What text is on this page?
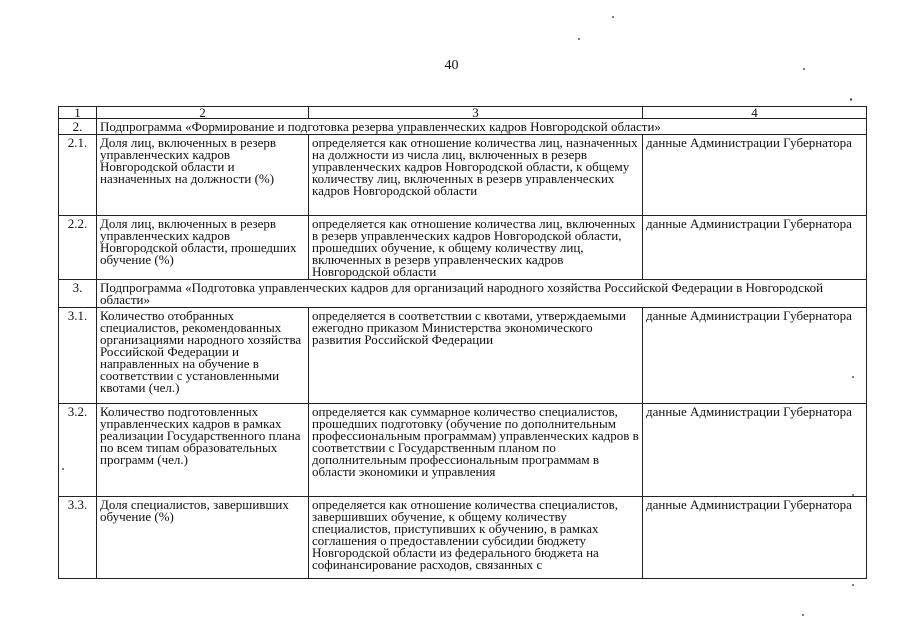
40
1	2	3	4
2.	Подпрограмма «Формирование и подготовка резерва управленческих кадров Новгородской области»		
2.1.	Доля лиц, включенных в резерв управленческих кадров Новгородской области и назначенных на должности (%)	определяется как отношение количества лиц, назначенных на должности из числа лиц, включенных в резерв управленческих кадров Новгородской области, к общему количеству лиц, включенных в резерв управленческих кадров Новгородской области	данные Администрации Губернатора
2.2.	Доля лиц, включенных в резерв управленческих кадров Новгородской области, прошедших обучение (%)	определяется как отношение количества лиц, включенных в резерв управленческих кадров Новгородской области, прошедших обучение, к общему количеству лиц, включенных в резерв управленческих кадров Новгородской области	данные Администрации Губернатора
3.	Подпрограмма «Подготовка управленческих кадров для организаций народного хозяйства Российской Федерации в Новгородской области»		
3.1.	Количество отобранных специалистов, рекомендованных организациями народного хозяйства Российской Федерации и направленных на обучение в соответствии с установленными квотами (чел.)	определяется в соответствии с квотами, утверждаемыми ежегодно приказом Министерства экономического развития Российской Федерации	данные Администрации Губернатора
3.2.	Количество подготовленных управленческих кадров в рамках реализации Государственного плана по всем типам образовательных программ (чел.)	определяется как суммарное количество специалистов, прошедших подготовку (обучение по дополнительным профессиональным программам) управленческих кадров в соответствии с Государственным планом по дополнительным профессиональным программам в области экономики и управления	данные Администрации Губернатора
3.3.	Доля специалистов, завершивших обучение (%)	определяется как отношение количества специалистов, завершивших обучение, к общему количеству специалистов, приступивших к обучению, в рамках соглашения о предоставлении субсидии бюджету Новгородской области из федерального бюджета на софинансирование расходов, связанных с	данные Администрации Губернатора
